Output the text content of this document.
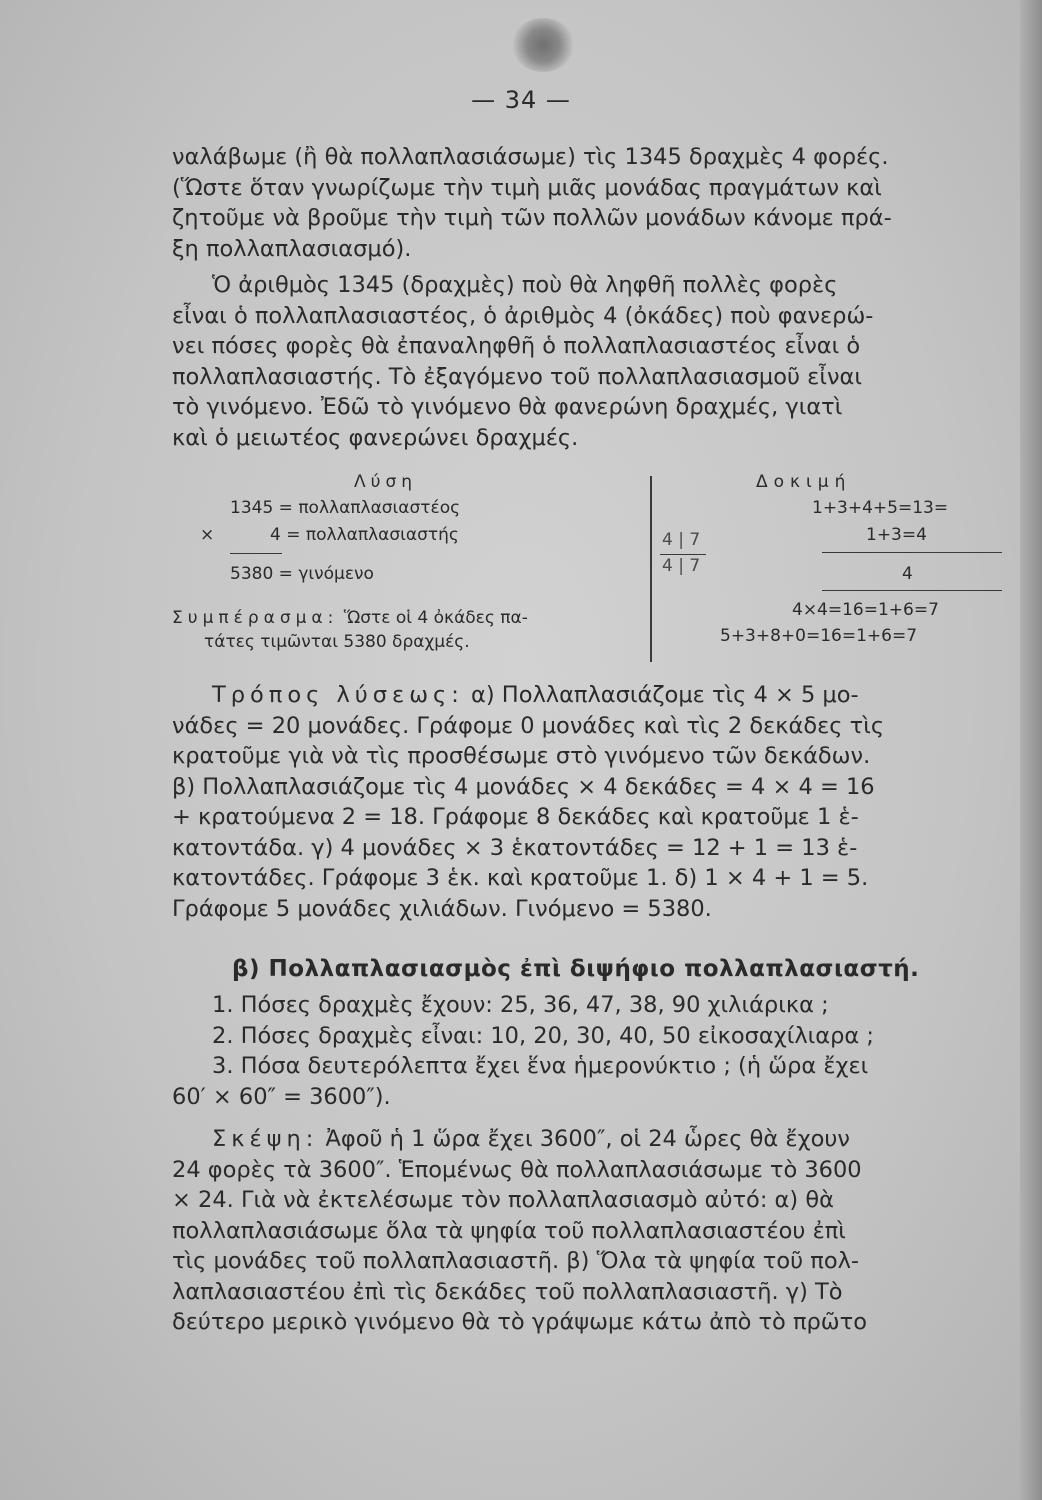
— 34 —

ναλάβωμε (ἢ θὰ πολλαπλασιάσωμε) τὶς 1345 δραχμὲς 4 φορές.

(Ὥστε ὅταν γνωρίζωμε τὴν τιμὴ μιᾶς μονάδας πραγμάτων καὶ

ζητοῦμε νὰ βροῦμε τὴν τιμὴ τῶν πολλῶν μονάδων κάνομε πρά-

ξη πολλαπλασιασμό).

Ὁ ἀριθμὸς 1345 (δραχμὲς) ποὺ θὰ ληφθῆ πολλὲς φορὲς

εἶναι ὁ πολλαπλασιαστέος, ὁ ἀριθμὸς 4 (ὀκάδες) ποὺ φανερώ-

νει πόσες φορὲς θὰ ἐπαναληφθῆ ὁ πολλαπλασιαστέος εἶναι ὁ

πολλαπλασιαστής. Τὸ ἐξαγόμενο τοῦ πολλαπλασιασμοῦ εἶναι

τὸ γινόμενο. Ἐδῶ τὸ γινόμενο θὰ φανερώνη δραχμές, γιατὶ

καὶ ὁ μειωτέος φανερώνει δραχμές.

Λύση
1345 = πολλαπλασιαστέος
×	4 = πολλαπλασιαστής
5380 = γινόμενο
Συμπέρασμα: Ὥστε οἱ 4 ὀκάδες πα-
τάτες τιμῶνται 5380 δραχμές.
4 | 7
4 | 7
Δοκιμή
1+3+4+5=13=
1+3=4
4
4×4=16=1+6=7
5+3+8+0=16=1+6=7

Τρόπος λύσεως: α) Πολλαπλασιάζομε τὶς 4 × 5 μο-

νάδες = 20 μονάδες. Γράφομε 0 μονάδες καὶ τὶς 2 δεκάδες τὶς

κρατοῦμε γιὰ νὰ τὶς προσθέσωμε στὸ γινόμενο τῶν δεκάδων.

β) Πολλαπλασιάζομε τὶς 4 μονάδες × 4 δεκάδες = 4 × 4 = 16

+ κρατούμενα 2 = 18. Γράφομε 8 δεκάδες καὶ κρατοῦμε 1 ἑ-

κατοντάδα. γ) 4 μονάδες × 3 ἑκατοντάδες = 12 + 1 = 13 ἑ-

κατοντάδες. Γράφομε 3 ἑκ. καὶ κρατοῦμε 1. δ) 1 × 4 + 1 = 5.

Γράφομε 5 μονάδες χιλιάδων. Γινόμενο = 5380.

β) Πολλαπλασιασμὸς ἐπὶ διψήφιο πολλαπλασιαστή.

1. Πόσες δραχμὲς ἔχουν: 25, 36, 47, 38, 90 χιλιάρικα ;

2. Πόσες δραχμὲς εἶναι: 10, 20, 30, 40, 50 εἰκοσαχίλιαρα ;

3. Πόσα δευτερόλεπτα ἔχει ἕνα ἡμερονύκτιο ; (ἡ ὥρα ἔχει

60′ × 60″ = 3600″).

Σκέψη: Ἀφοῦ ἡ 1 ὥρα ἔχει 3600″, οἱ 24 ὧρες θὰ ἔχουν

24 φορὲς τὰ 3600″. Ἑπομένως θὰ πολλαπλασιάσωμε τὸ 3600

× 24. Γιὰ νὰ ἐκτελέσωμε τὸν πολλαπλασιασμὸ αὐτό: α) θὰ

πολλαπλασιάσωμε ὅλα τὰ ψηφία τοῦ πολλαπλασιαστέου ἐπὶ

τὶς μονάδες τοῦ πολλαπλασιαστῆ. β) Ὅλα τὰ ψηφία τοῦ πολ-

λαπλασιαστέου ἐπὶ τὶς δεκάδες τοῦ πολλαπλασιαστῆ. γ) Τὸ

δεύτερο μερικὸ γινόμενο θὰ τὸ γράψωμε κάτω ἀπὸ τὸ πρῶτο
